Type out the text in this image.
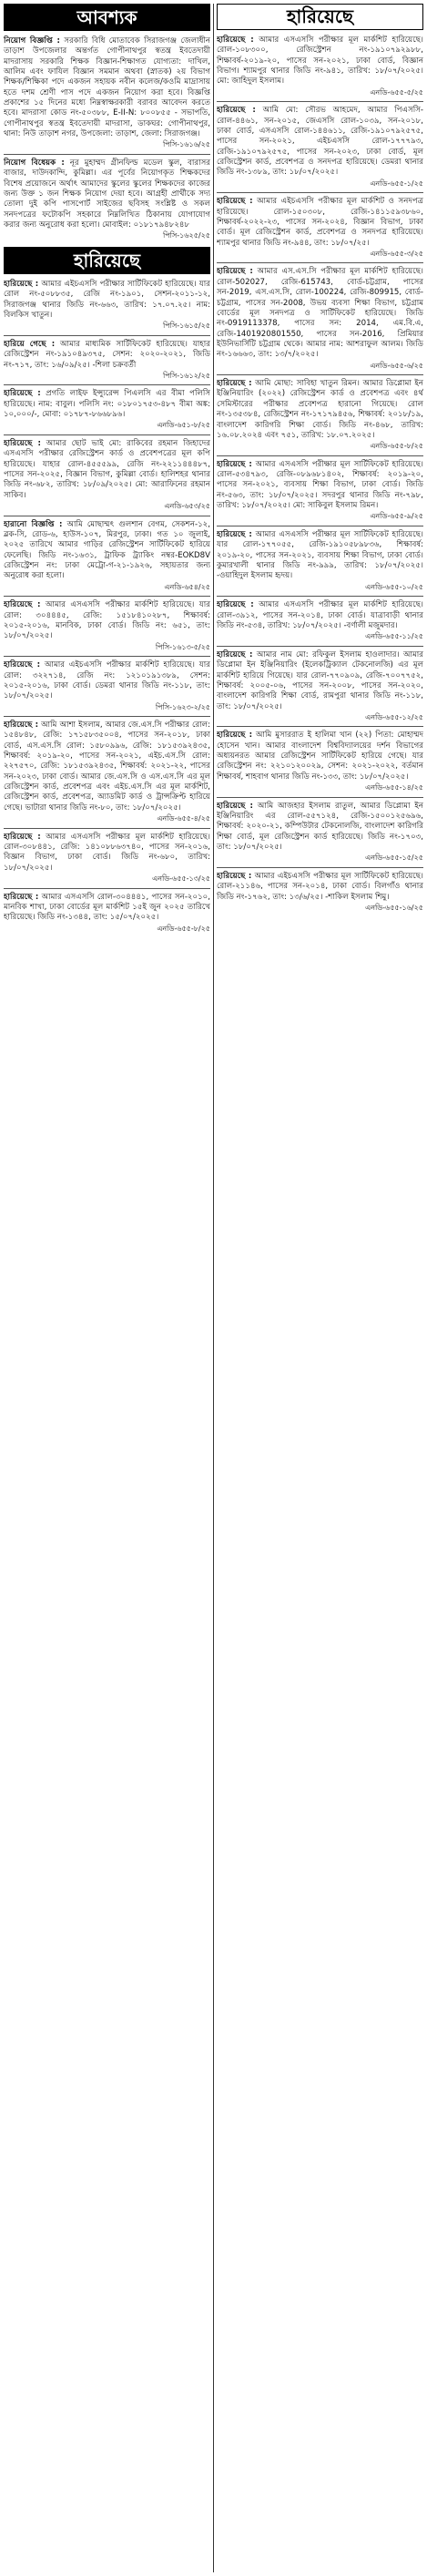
আবশ্যক
নিয়োগ বিজ্ঞপ্তি : সরকারি বিধি মোতাবেক সিরাজগঞ্জ জেলাধীন তাড়াশ উপজেলার অন্তর্গত গোপীনাথপুর স্বতন্ত্র ইবতেদায়ী মাদরাসায় সরকারি শিক্ষক বিজ্ঞান-শিক্ষাগত যোগ্যতা: দাখিল, আলিম এবং ফাযিল বিজ্ঞান সমমান অথবা (স্নাতক) ২য় বিভাগ শিক্ষক/শিক্ষিকা পদে একজন সহায়ক নবীন কলেজ/কওমি মাদ্রাসায় হতে দশম শ্রেণী পাস পদে একজন নিয়োগ করা হবে। বিজ্ঞপ্তি প্রকাশের ১৫ দিনের মধ্যে নিম্নস্বাক্ষরকারী বরাবর আবেদন করতে হবে। মাদরাসা কোড নং-৫০৩৮৮, E-II-N: ৮০০৮৫৫ - সভাপতি, গোপীনাথপুর স্বতন্ত্র ইবতেদায়ী মাদরাসা, ডাকঘর: গোপীনাথপুর, থানা: নিউ তাড়াশ নগর, উপজেলা: তাড়াশ, জেলা: সিরাজগঞ্জ।
পিসি-১৬১৬/২৫
নিয়োগ বিধেয়ক : নূর মুহাম্মদ গ্রীনফিল্ড মডেল স্কুল, বারাসর বাজার, দাউদকান্দি, কুমিল্লা। এর পূর্বের নিয়োগকৃত শিক্ষকদের বিশেষ প্রয়োজনে অর্থাৎ আমাদের স্কুলের স্কুলের শিক্ষকদের কাজের জন্য উক্ত ১ জন শিক্ষক নিয়োগ দেয়া হবে। আগ্রহী প্রার্থীকে সদ্য তোলা দুই কপি পাসপোর্ট সাইজের ছবিসহ সংশ্লিষ্ট ও সকল সনদপত্রের ফটোকপি সহকারে নিম্নলিখিত ঠিকানায় যোগাযোগ করার জন্য অনুরোধ করা হলো। মোবাইল: ০১৮১৭৯৪৮২৪৮
পিসি-১৬২৫/২৫
হারিয়েছে
হারিয়েছে : আমার এইচএসসি পরীক্ষার সার্টিফিকেট হারিয়েছে। যার রোল নং-৫০৮৮৩৫, রেজি নং-১৯০১, সেশন-২০১১-১২, সিরাজগঞ্জ থানার জিডি নং-৬৬৩, তারিখ: ১৭.০৭.২৫। নাম: বিলকিস খাতুন।
পিসি-১৬১৫/২৫
হারিয়ে গেছে : আমার মাধ্যমিক সার্টিফিকেট হারিয়েছে। যাহার রেজিস্ট্রেশন নং-১৯১০৪৯৩৭৫, সেশন: ২০২০-২০২১, জিডি নং-৭১৭, তাং: ১৬/০৯/২৫। -শিলা চক্রবর্তী
পিসি-১৬১২/২৫
হারিয়েছে : প্রগতি লাইফ ইন্স্যুরেন্স পিএলসি এর বীমা পলিসি হারিয়েছে। নাম: বাবুল। পলিসি নং: ০১৮০১৭৫৩-৪৮৭ বীমা অঙ্ক: ১০,০০০/-, মোবা: ০১৭৮৭-৮৬৬৮৯৬।
এনডি-৬৫১-৮/২৫
হারিয়েছে : আমার ছোট ভাই মো: রাকিবের রহমান জিহাদের এসএসসি পরীক্ষার রেজিস্ট্রেশন কার্ড ও প্রবেশপত্রের মূল কপি হারিয়েছে। যাহার রোল-৪৫৫৫৯৯, রেজি নং-২২১১৪৪৪৮৭, পাসের সন-২০২৫, বিজ্ঞান বিভাগ, কুমিল্লা বোর্ড। হালিশহর থানার জিডি নং-৬৮২, তারিখ: ১৮/০৯/২০২৫। মো: আরাফিনের রহমান সাকিব।
এনডি-৬৫৩/২৫
হারানো বিজ্ঞপ্তি : আমি মোছাম্মৎ গুলশান বেগম, সেকশন-১২, ব্লক-সি, রোড-৬, হাউস-১০৭, মিরপুর, ঢাকা। গত ১০ জুলাই, ২০২৫ তারিখে আমার গাড়ির রেজিস্ট্রেশন সার্টিফিকেট হারিয়ে ফেলেছি। জিডি নং-১৬৩১, ট্রাফিক ট্র্যাকিং নম্বর-EOKD8V রেজিস্ট্রেশন নং: ঢাকা মেট্রো-গ-২১-১৯২৬, সহায়তার জন্য অনুরোধ করা হলো।
এনডি-৬৫৪/২৫
হারিয়েছে : আমার এসএসসি পরীক্ষার মার্কশিট হারিয়েছে। যার রোল: ৩০৪৪৪৫, রেজি: ১৫১৮৪১০২৮৭, শিক্ষাবর্ষ: ২০১৫-২০১৬, মানবিক, ঢাকা বোর্ড। জিডি নং: ৬৫১, তাং: ১৮/০৭/২০২৫।
পিসি-১৬১৩-৫/২৫
হারিয়েছে : আমার এইচএসসি পরীক্ষার মার্কশিট হারিয়েছে। যার রোল: ৩২২৭১৪, রেজি নং: ১২১০১৯১৩৮৯, সেশন: ২০১৫-২০১৬, ঢাকা বোর্ড। ডেমরা থানার জিডি নং-১১৮, তাং: ১৮/০৭/২০২৫।
পিসি-১৬২৩-২/২৫
হারিয়েছে : আমি আশা ইসলাম, আমার জে.এস.সি পরীক্ষার রোল: ১৫৪৮৪৮, রেজি: ১৭১৫৮৩৫০০৪, পাসের সন-২০১৮, ঢাকা বোর্ড, এস.এস.সি রোল: ১৫৮০৯৯৬, রেজি: ১৮১৫৩৯২৪৩৫, শিক্ষাবর্ষ: ২০১৯-২০, পাসের সন-২০২১, এইচ.এস.সি রোল: ২২৭৫৭০, রেজি: ১৮১৫৩৯২৪৩৫, শিক্ষাবর্ষ: ২০২১-২২, পাসের সন-২০২৩, ঢাকা বোর্ড। আমার জে.এস.সি ও এস.এস.সি এর মূল রেজিস্ট্রেশন কার্ড, প্রবেশপত্র এবং এইচ.এস.সি এর মূল মার্কশিট, রেজিস্ট্রেশন কার্ড, প্রবেশপত্র, অ্যাডমিট কার্ড ও ট্রান্সক্রিপ্ট হারিয়ে গেছে। ভাটারা থানার জিডি নং-৮০, তাং: ১৮/০৭/২০২৫।
এনডি-৬৫৫-৪/২৫
হারিয়েছে : আমার এসএসসি পরীক্ষার মূল মার্কশিট হারিয়েছে। রোল-৩০৮৪৪১, রেজি: ১৪১০৮৮৬৩৭৪০, পাসের সন-২০১৬, বিজ্ঞান বিভাগ, ঢাকা বোর্ড। জিডি নং-৬৮০, তারিখ: ১৮/০৭/২০২৫।
এনডি-৬৫৫-১৩/২৫
হারিয়েছে : আমার এসএসসি রোল-৩০৪৪৪১, পাসের সন-২০১০, মানবিক শাখা, ঢাকা বোর্ডের মূল মার্কশিট ১৫ই জুন ২০২৫ তারিখে হারিয়েছে। জিডি নং-১৩৪৪, তাং: ১৫/০৭/২০২৫।
এনডি-৬৫৫-৮/২৫
হারিয়েছে
হারিয়েছে : আমার এসএসসি পরীক্ষার মূল মার্কশিট হারিয়েছে। রোল-১০৮৩০০, রেজিস্ট্রেশন নং-১৯১০৭৯২৯৮৮, শিক্ষাবর্ষ-২০১৯-২০, পাসের সন-২০২১, ঢাকা বোর্ড, বিজ্ঞান বিভাগ। শ্যামপুর থানার জিডি নং-৯৪১, তারিখ: ১৮/০৭/২০২৫। মো: জাহিদুল ইসলাম।
এনডি-৬৫৫-৫/২৫
হারিয়েছে : আমি মো: সৌরভ আহমেদ, আমার পিএসসি-রোল-৪৪৬১, সন-২০১৫, জেএসসি রোল-১০৩৯, সন-২০১৮, ঢাকা বোর্ড, এসএসসি রোল-১৪৪৬১১, রেজি-১৯১০৭৯২৫৭৫, পাসের সন-২০২১, এইচএসসি রোল-১৭৭৭৯৩, রেজি-১৯১০৭৯২৫৭৫, পাসের সন-২০২৩, ঢাকা বোর্ড, মূল রেজিস্ট্রেশন কার্ড, প্রবেশপত্র ও সনদপত্র হারিয়েছে। ডেমরা থানার জিডি নং-১৩৮৯, তাং: ১৮/০৭/২০২৫।
এনডি-৬৫৫-১/২৫
হারিয়েছে : আমার এইচএসসি পরীক্ষার মূল মার্কশিট ও সনদপত্র হারিয়েছে। রোল-১৫০৩০৮, রেজি-১৪১১৫৯৩৮৬০, শিক্ষাবর্ষ-২০২২-২৩, পাসের সন-২০২৪, বিজ্ঞান বিভাগ, ঢাকা বোর্ড। মূল রেজিস্ট্রেশন কার্ড, প্রবেশপত্র ও সনদপত্র হারিয়েছে। শ্যামপুর থানার জিডি নং-৯৪৪, তাং: ১৮/০৭/২৫।
এনডি-৬৫৫-৩/২৫
হারিয়েছে : আমার এস.এস.সি পরীক্ষার মূল মার্কশিট হারিয়েছে। রোল-502027, রেজি-615743, বোর্ড-চট্টগ্রাম, পাসের সন-2019, এস.এস.সি, রোল-100224, রেজি-809915, বোর্ড-চট্টগ্রাম, পাসের সন-2008, উভয় ব্যবসা শিক্ষা বিভাগ, চট্টগ্রাম বোর্ডের মূল সনদপত্র ও সার্টিফিকেট হারিয়েছে। জিডি নং-0919113378, পাসের সন: 2014, এম.বি.এ, রেজি-1401920801550, পাসের সন-2016, প্রিমিয়ার ইউনিভার্সিটি চট্টগ্রাম থেকে। আমার নাম: আশরাফুল আলম। জিডি নং-১৬৬৬৩, তাং: ১৩/৭/২০২৫।
এনডি-৬৫৫-৬/২৫
হারিয়েছে : আমি মোছা: সাবিহা খাতুন রিমন। আমার ডিপ্লোমা ইন ইঞ্জিনিয়ারিং (২০২২) রেজিস্ট্রেশন কার্ড ও প্রবেশপত্র এবং ৪র্থ সেমিস্টারের পরীক্ষার প্রবেশপত্র হারানো গিয়েছে। রোল নং-১৩৫৩৮৪, রেজিস্ট্রেশন নং-১৭১৭৯৪৫৬, শিক্ষাবর্ষ: ২০১৮/১৯, বাংলাদেশ কারিগরি শিক্ষা বোর্ড। জিডি নং-৪৬৮, তারিখ: ১৬.০৮.২০২৪ এবং ৭৫১, তারিখ: ১৮.০৭.২০২৫।
এনডি-৬৫৫-৮/২৫
হারিয়েছে : আমার এসএসসি পরীক্ষার মূল সার্টিফিকেট হারিয়েছে। রোল-৫৩৪৭৯৩, রেজি-০৮৯৬৮১৪০২, শিক্ষাবর্ষ: ২০১৯-২০, পাসের সন-২০২১, ব্যবসায় শিক্ষা বিভাগ, ঢাকা বোর্ড। জিডি নং-৫৬৩, তাং: ১৮/০৭/২০২৫। সদরপুর থানার জিডি নং-৭৯৮, তারিখ: ১৮/০৭/২০২৫। মো: সাকিবুল ইসলাম রিমন।
এনডি-৬৫৫-৯/২৫
হারিয়েছে : আমার এসএসসি পরীক্ষার মূল সার্টিফিকেট হারিয়েছে। যার রোল-১৭৭০৫৫, রেজি-১৯১০৫৮৯৮৩৬, শিক্ষাবর্ষ: ২০১৯-২০, পাসের সন-২০২১, ব্যবসায় শিক্ষা বিভাগ, ঢাকা বোর্ড। কুমারখালী থানার জিডি নং-৯৯৯, তারিখ: ১৮/০৭/২০২৫। -ওয়াহিদুল ইসলাম হৃদয়।
এনডি-৬৫৫-১০/২৫
হারিয়েছে : আমার এসএসসি পরীক্ষার মূল মার্কশিট হারিয়েছে। রোল-৩৯১২, পাসের সন-২০১৪, ঢাকা বোর্ড। যাত্রাবাড়ী থানার জিডি নং-৫৩৪, তারিখ: ১৮/০৭/২০২৫। -বর্ণালী মজুমদার।
এনডি-৬৫৫-১১/২৫
হারিয়েছে : আমার নাম মো: রফিকুল ইসলাম হাওলাদার। আমার ডিপ্লোমা ইন ইঞ্জিনিয়ারিং (ইলেকট্রিক্যাল টেকনোলজি) এর মূল মার্কশিট হারিয়ে গিয়েছে। যার রোল-৭৭০৯০৯, রেজি-৭০০৭৭৫২, শিক্ষাবর্ষ: ২০০৫-০৬, পাসের সন-২০০৮, পাসের সন-২০২০, বাংলাদেশ কারিগরি শিক্ষা বোর্ড, রামপুরা থানার জিডি নং-১১৮, তাং: ১৮/০৭/২০২৫।
এনডি-৬৫৫-১২/২৫
হারিয়েছে : আমি মুসাররাত ই হালিমা খান (২২) পিতা: মোহাম্মদ হোসেন খান। আমার বাংলাদেশ বিশ্ববিদ্যালয়ের দর্শন বিভাগের অধ্যয়নরত আমার রেজিস্ট্রেশন সার্টিফিকেট হারিয়ে গেছে। যার রেজিস্ট্রেশন নং: ২২১০১২০০২৯, সেশন: ২০২১-২০২২, বর্তমান শিক্ষাবর্ষ, শাহবাগ থানার জিডি নং-১৩৩, তাং: ১৮/০৭/২০২৫।
এনডি-৬৫৫-১৪/২৫
হারিয়েছে : আমি আজহার ইসলাম রাতুল, আমার ডিপ্লোমা ইন ইঞ্জিনিয়ারিং এর রোল-৫৫৭১২৪, রেজি-১৫০০১২৫৬৯৬, শিক্ষাবর্ষ: ২০২০-২১, কম্পিউটার টেকনোলজি, বাংলাদেশ কারিগরি শিক্ষা বোর্ড, মূল রেজিস্ট্রেশন কার্ড হারিয়েছে। জিডি নং-১৭০৩, তাং: ১৮/০৭/২০২৫।
এনডি-৬৫৫-১৫/২৫
হারিয়েছে : আমার এইচএসসি পরীক্ষার মূল সার্টিফিকেট হারিয়েছে। রোল-২১১৪৬, পাসের সন-২০১৪, ঢাকা বোর্ড। বিলগাঁও থানার জিডি নং-১৭৬২, তাং: ১৩/৬/২৫। -শাকিল ইসলাম শিমু।
এনডি-৬৫৫-১৬/২৫
